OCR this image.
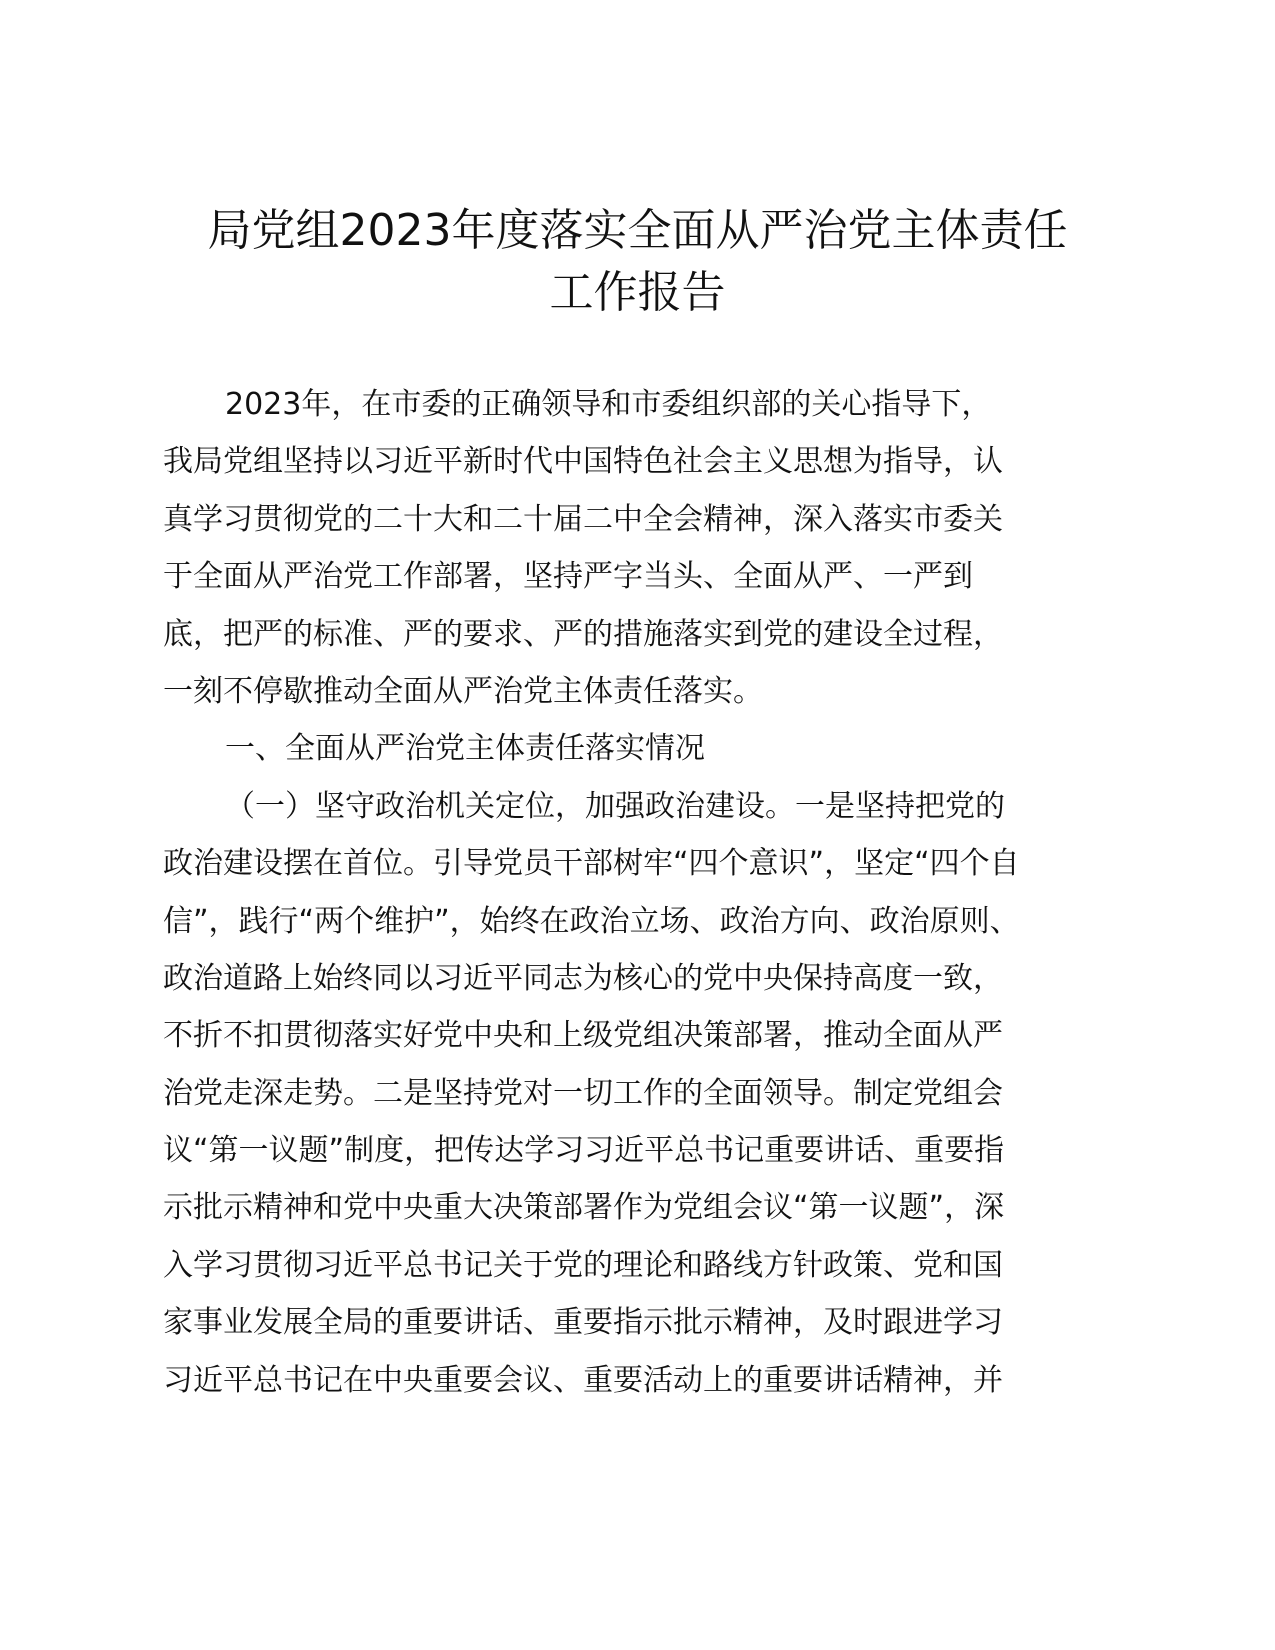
局党组2023年度落实全面从严治党主体责任
工作报告

2023年，在市委的正确领导和市委组织部的关心指导下，

我局党组坚持以习近平新时代中国特色社会主义思想为指导，认

真学习贯彻党的二十大和二十届二中全会精神，深入落实市委关

于全面从严治党工作部署，坚持严字当头、全面从严、一严到

底，把严的标准、严的要求、严的措施落实到党的建设全过程，

一刻不停歇推动全面从严治党主体责任落实。

一、全面从严治党主体责任落实情况

（一）坚守政治机关定位，加强政治建设。一是坚持把党的

政治建设摆在首位。引导党员干部树牢“四个意识”，坚定“四个自

信”，践行“两个维护”，始终在政治立场、政治方向、政治原则、

政治道路上始终同以习近平同志为核心的党中央保持高度一致，

不折不扣贯彻落实好党中央和上级党组决策部署，推动全面从严

治党走深走势。二是坚持党对一切工作的全面领导。制定党组会

议“第一议题”制度，把传达学习习近平总书记重要讲话、重要指

示批示精神和党中央重大决策部署作为党组会议“第一议题”，深

入学习贯彻习近平总书记关于党的理论和路线方针政策、党和国

家事业发展全局的重要讲话、重要指示批示精神，及时跟进学习

习近平总书记在中央重要会议、重要活动上的重要讲话精神，并
